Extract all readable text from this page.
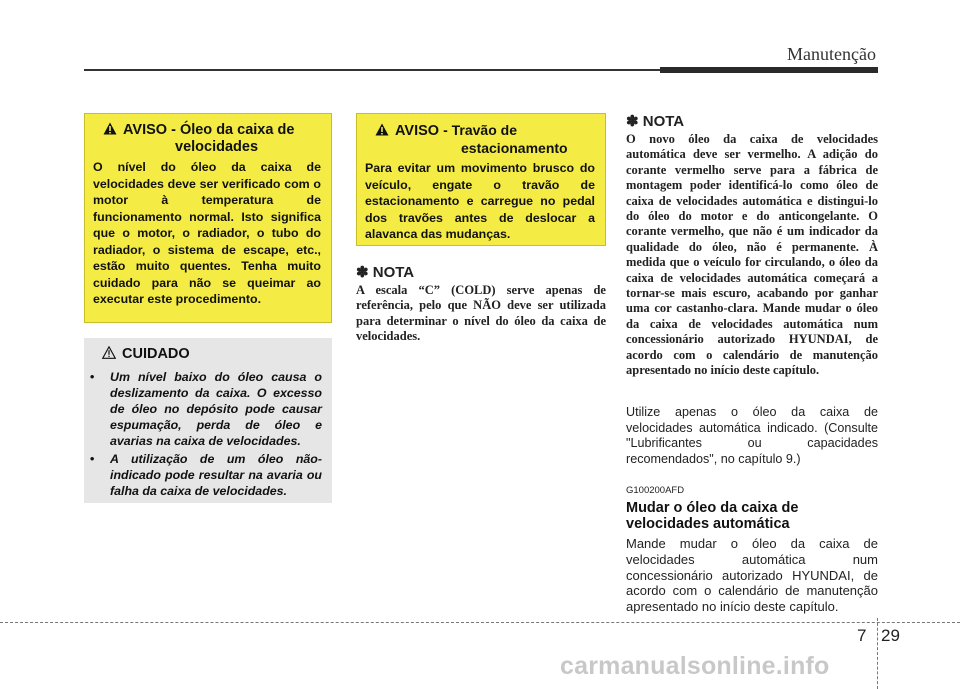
Manutenção
AVISO - Óleo da caixa de
velocidades
O nível do óleo da caixa de velocidades deve ser verificado com o motor à temperatura de funcionamento normal. Isto significa que o motor, o radiador, o tubo do radiador, o sistema de escape, etc., estão muito quentes. Tenha muito cuidado para não se queimar ao executar este procedimento.
CUIDADO
• Um nível baixo do óleo causa o deslizamento da caixa. O excesso de óleo no depósito pode causar espumação, perda de óleo e avarias na caixa de velocidades.
• A utilização de um óleo não-indicado pode resultar na avaria ou falha da caixa de velocidades.
AVISO - Travão de
estacionamento
Para evitar um movimento brusco do veículo, engate o travão de estacionamento e carregue no pedal dos travões antes de deslocar a alavanca das mudanças.
✽ NOTA
A escala “C” (COLD) serve apenas de referência, pelo que NÃO deve ser utilizada para determinar o nível do óleo da caixa de velocidades.
✽ NOTA
O novo óleo da caixa de velocidades automática deve ser vermelho. A adição do corante vermelho serve para a fábrica de montagem poder identificá-lo como óleo de caixa de velocidades automática e distingui-lo do óleo do motor e do anticongelante. O corante vermelho, que não é um indicador da qualidade do óleo, não é permanente. À medida que o veículo for circulando, o óleo da caixa de velocidades automática começará a tornar-se mais escuro, acabando por ganhar uma cor castanho-clara. Mande mudar o óleo da caixa de velocidades automática num concessionário autorizado HYUNDAI, de acordo com o calendário de manutenção apresentado no início deste capítulo.
Utilize apenas o óleo da caixa de velocidades automática indicado. (Consulte "Lubrificantes ou capacidades recomendados", no capítulo 9.)
G100200AFD
Mudar o óleo da caixa de
velocidades automática
Mande mudar o óleo da caixa de velocidades automática num concessionário autorizado HYUNDAI, de acordo com o calendário de manutenção apresentado no início deste capítulo.
7 29
carmanualsonline.info
